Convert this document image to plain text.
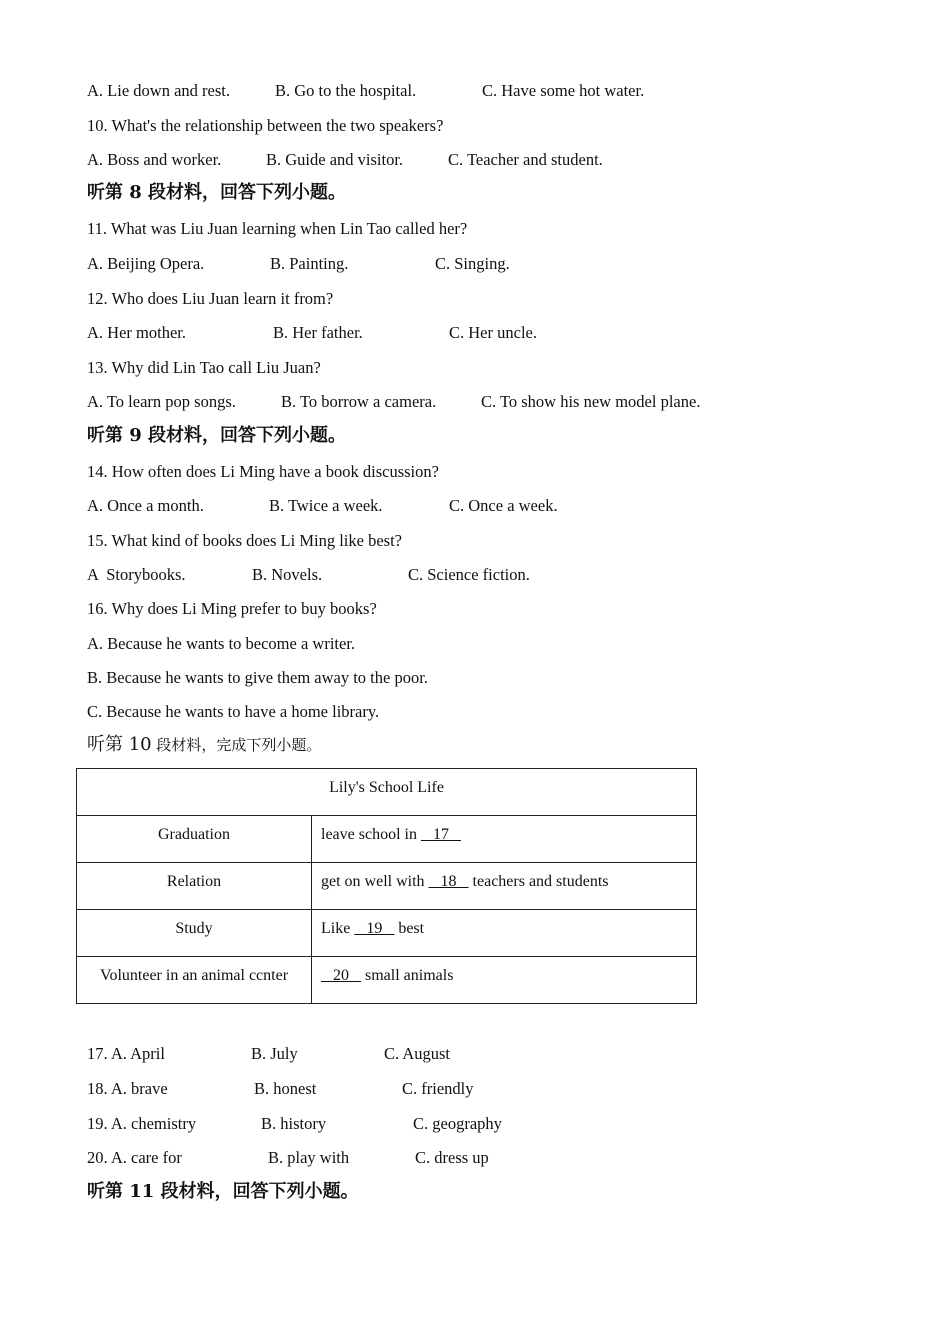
A. Lie down and rest.	B. Go to the hospital.	C. Have some hot water.
10. What's the relationship between the two speakers?
A. Boss and worker.	B. Guide and visitor.	C. Teacher and student.
听第 8 段材料，回答下列小题。
11. What was Liu Juan learning when Lin Tao called her?
A. Beijing Opera.	B. Painting.	C. Singing.
12. Who does Liu Juan learn it from?
A. Her mother.	B. Her father.	C. Her uncle.
13. Why did Lin Tao call Liu Juan?
A. To learn pop songs.	B. To borrow a camera.	C. To show his new model plane.
听第 9 段材料，回答下列小题。
14. How often does Li Ming have a book discussion?
A. Once a month.	B. Twice a week.	C. Once a week.
15. What kind of books does Li Ming like best?
A  Storybooks.	B. Novels.	C. Science fiction.
16. Why does Li Ming prefer to buy books?
A. Because he wants to become a writer.
B. Because he wants to give them away to the poor.
C. Because he wants to have a home library.
听第 10 段材料，完成下列小题。
Lily's School Life	
Graduation	leave school in    17
Relation	get on well with    18    teachers and students
Study	Like    19    best
Volunteer in an animal ccnter	20    small animals
17. A. April	B. July	C. August
18. A. brave	B. honest	C. friendly
19. A. chemistry	B. history	C. geography
20. A. care for	B. play with	C. dress up
听第 11 段材料，回答下列小题。
